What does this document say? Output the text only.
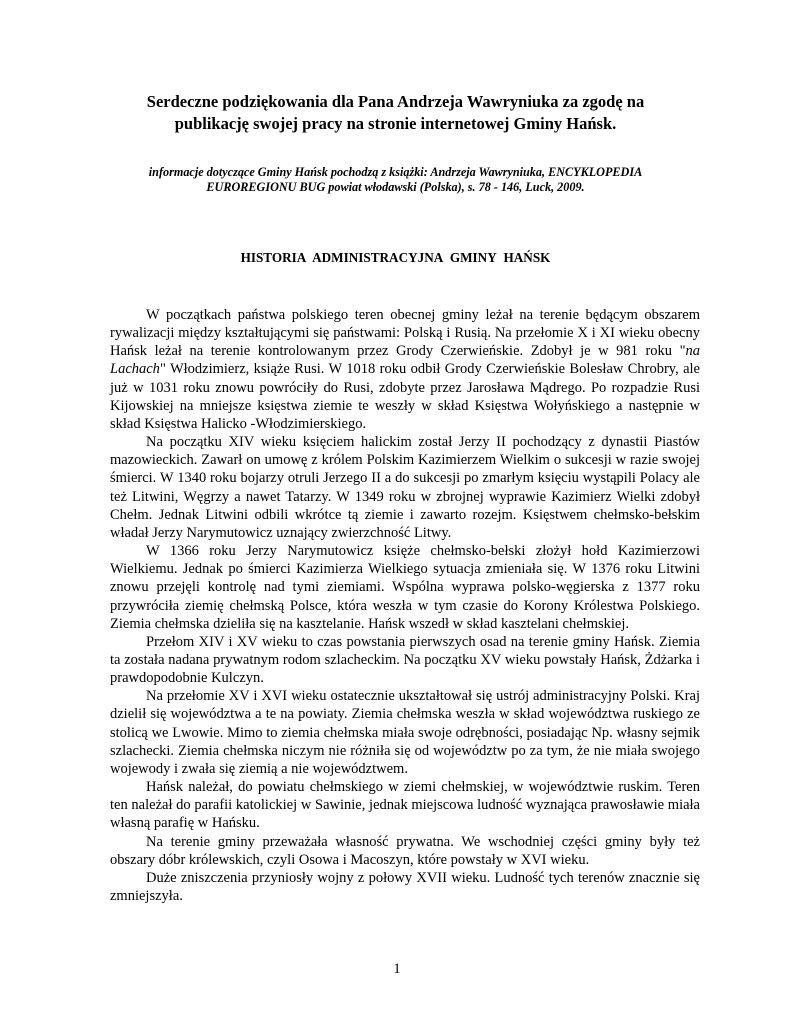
Serdeczne podziękowania dla Pana Andrzeja Wawryniuka za zgodę na
publikację swojej pracy na stronie internetowej Gminy Hańsk.
informacje dotyczące Gminy Hańsk pochodzą z książki: Andrzeja Wawryniuka, ENCYKLOPEDIA
EUROREGIONU BUG powiat włodawski (Polska), s. 78 - 146, Luck, 2009.
HISTORIA ADMINISTRACYJNA GMINY HAŃSK

W początkach państwa polskiego teren obecnej gminy leżał na terenie będącym obszarem rywalizacji między kształtującymi się państwami: Polską i Rusią. Na przełomie X i XI wieku obecny Hańsk leżał na terenie kontrolowanym przez Grody Czerwieńskie. Zdobył je w 981 roku "na Lachach" Włodzimierz, książe Rusi. W 1018 roku odbił Grody Czerwieńskie Bolesław Chrobry, ale już w 1031 roku znowu powróciły do Rusi, zdobyte przez Jarosława Mądrego. Po rozpadzie Rusi Kijowskiej na mniejsze księstwa ziemie te weszły w skład Księstwa Wołyńskiego a następnie w skład Księstwa Halicko -Włodzimierskiego.

Na początku XIV wieku księciem halickim został Jerzy II pochodzący z dynastii Piastów mazowieckich. Zawarł on umowę z królem Polskim Kazimierzem Wielkim o sukcesji w razie swojej śmierci. W 1340 roku bojarzy otruli Jerzego II a do sukcesji po zmarłym księciu wystąpili Polacy ale też Litwini, Węgrzy a nawet Tatarzy. W 1349 roku w zbrojnej wyprawie Kazimierz Wielki zdobył Chełm. Jednak Litwini odbili wkrótce tą ziemie i zawarto rozejm. Księstwem chełmsko-bełskim władał Jerzy Narymutowicz uznający zwierzchność Litwy.

W 1366 roku Jerzy Narymutowicz księże chełmsko-bełski złożył hołd Kazimierzowi Wielkiemu. Jednak po śmierci Kazimierza Wielkiego sytuacja zmieniała się. W 1376 roku Litwini znowu przejęli kontrolę nad tymi ziemiami. Wspólna wyprawa polsko-węgierska z 1377 roku przywróciła ziemię chełmską Polsce, która weszła w tym czasie do Korony Królestwa Polskiego. Ziemia chełmska dzieliła się na kasztelanie. Hańsk wszedł w skład kasztelani chełmskiej.

Przełom XIV i XV wieku to czas powstania pierwszych osad na terenie gminy Hańsk. Ziemia ta została nadana prywatnym rodom szlacheckim. Na początku XV wieku powstały Hańsk, Żdżarka i prawdopodobnie Kulczyn.

Na przełomie XV i XVI wieku ostatecznie ukształtował się ustrój administracyjny Polski. Kraj dzielił się województwa a te na powiaty. Ziemia chełmska weszła w skład województwa ruskiego ze stolicą we Lwowie. Mimo to ziemia chełmska miała swoje odrębności, posiadając Np. własny sejmik szlachecki. Ziemia chełmska niczym nie różniła się od województw po za tym, że nie miała swojego wojewody i zwała się ziemią a nie województwem.

Hańsk należał, do powiatu chełmskiego w ziemi chełmskiej, w województwie ruskim. Teren ten należał do parafii katolickiej w Sawinie, jednak miejscowa ludność wyznająca prawosławie miała własną parafię w Hańsku.

Na terenie gminy przeważała własność prywatna. We wschodniej części gminy były też obszary dóbr królewskich, czyli Osowa i Macoszyn, które powstały w XVI wieku.

Duże zniszczenia przyniosły wojny z połowy XVII wieku. Ludność tych terenów znacznie się zmniejszyła.

1
